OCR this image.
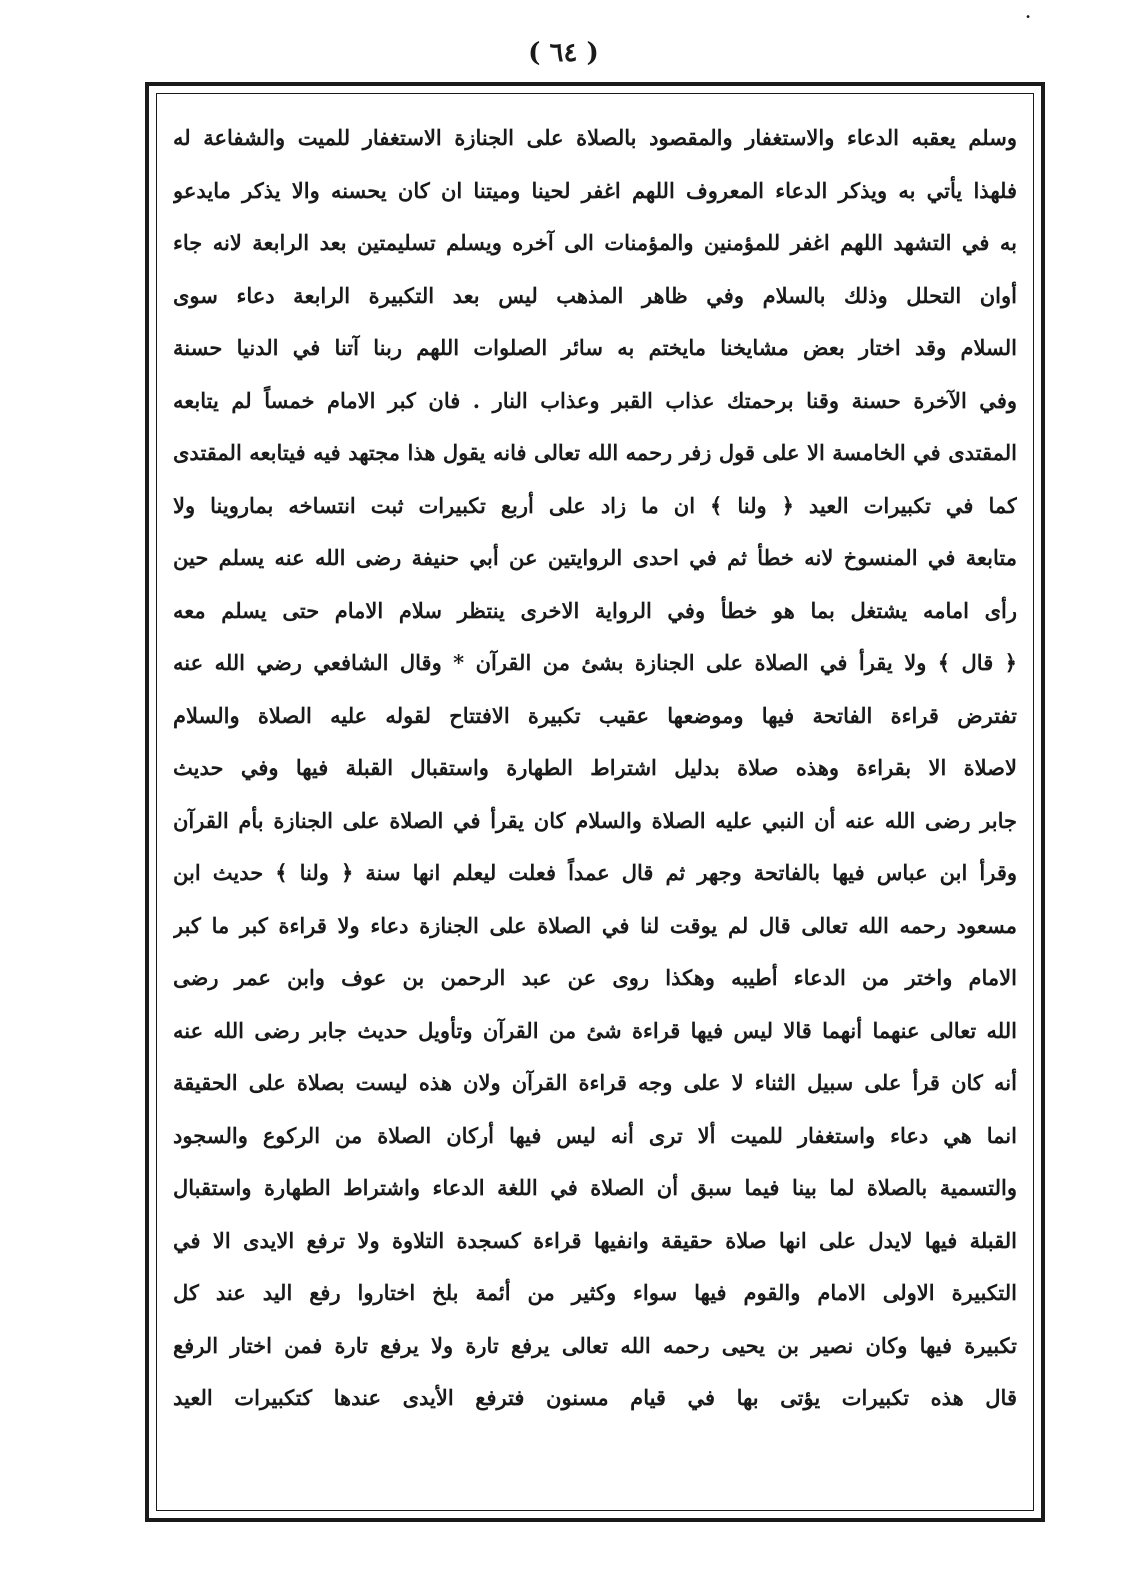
•
( ٦٤ )
وسلم يعقبه الدعاء والاستغفار والمقصود بالصلاة على الجنازة الاستغفار للميت والشفاعة له
فلهذا يأتي به ويذكر الدعاء المعروف اللهم اغفر لحينا وميتنا ان كان يحسنه والا يذكر مايدعو
به في التشهد اللهم اغفر للمؤمنين والمؤمنات الى آخره ويسلم تسليمتين بعد الرابعة لانه جاء
أوان التحلل وذلك بالسلام وفي ظاهر المذهب ليس بعد التكبيرة الرابعة دعاء سوى
السلام وقد اختار بعض مشايخنا مايختم به سائر الصلوات اللهم ربنا آتنا في الدنيا حسنة
وفي الآخرة حسنة وقنا برحمتك عذاب القبر وعذاب النار . فان كبر الامام خمساً لم يتابعه
المقتدى في الخامسة الا على قول زفر رحمه الله تعالى فانه يقول هذا مجتهد فيه فيتابعه المقتدى
كما في تكبيرات العيد ﴿ ولنا ﴾ ان ما زاد على أربع تكبيرات ثبت انتساخه بماروينا ولا
متابعة في المنسوخ لانه خطأ ثم في احدى الروايتين عن أبي حنيفة رضى الله عنه يسلم حين
رأى امامه يشتغل بما هو خطأ وفي الرواية الاخرى ينتظر سلام الامام حتى يسلم معه
﴿ قال ﴾ ولا يقرأ في الصلاة على الجنازة بشئ من القرآن * وقال الشافعي رضي الله عنه
تفترض قراءة الفاتحة فيها وموضعها عقيب تكبيرة الافتتاح لقوله عليه الصلاة والسلام
لاصلاة الا بقراءة وهذه صلاة بدليل اشتراط الطهارة واستقبال القبلة فيها وفي حديث
جابر رضى الله عنه أن النبي عليه الصلاة والسلام كان يقرأ في الصلاة على الجنازة بأم القرآن
وقرأ ابن عباس فيها بالفاتحة وجهر ثم قال عمداً فعلت ليعلم انها سنة ﴿ ولنا ﴾ حديث ابن
مسعود رحمه الله تعالى قال لم يوقت لنا في الصلاة على الجنازة دعاء ولا قراءة كبر ما كبر
الامام واختر من الدعاء أطيبه وهكذا روى عن عبد الرحمن بن عوف وابن عمر رضى
الله تعالى عنهما أنهما قالا ليس فيها قراءة شئ من القرآن وتأويل حديث جابر رضى الله عنه
أنه كان قرأ على سبيل الثناء لا على وجه قراءة القرآن ولان هذه ليست بصلاة على الحقيقة
انما هي دعاء واستغفار للميت ألا ترى أنه ليس فيها أركان الصلاة من الركوع والسجود
والتسمية بالصلاة لما بينا فيما سبق أن الصلاة في اللغة الدعاء واشتراط الطهارة واستقبال
القبلة فيها لايدل على انها صلاة حقيقة وانفيها قراءة كسجدة التلاوة ولا ترفع الايدى الا في
التكبيرة الاولى الامام والقوم فيها سواء وكثير من أئمة بلخ اختاروا رفع اليد عند كل
تكبيرة فيها وكان نصير بن يحيى رحمه الله تعالى يرفع تارة ولا يرفع تارة فمن اختار الرفع
قال هذه تكبيرات يؤتى بها في قيام مسنون فترفع الأيدى عندها كتكبيرات العيد
